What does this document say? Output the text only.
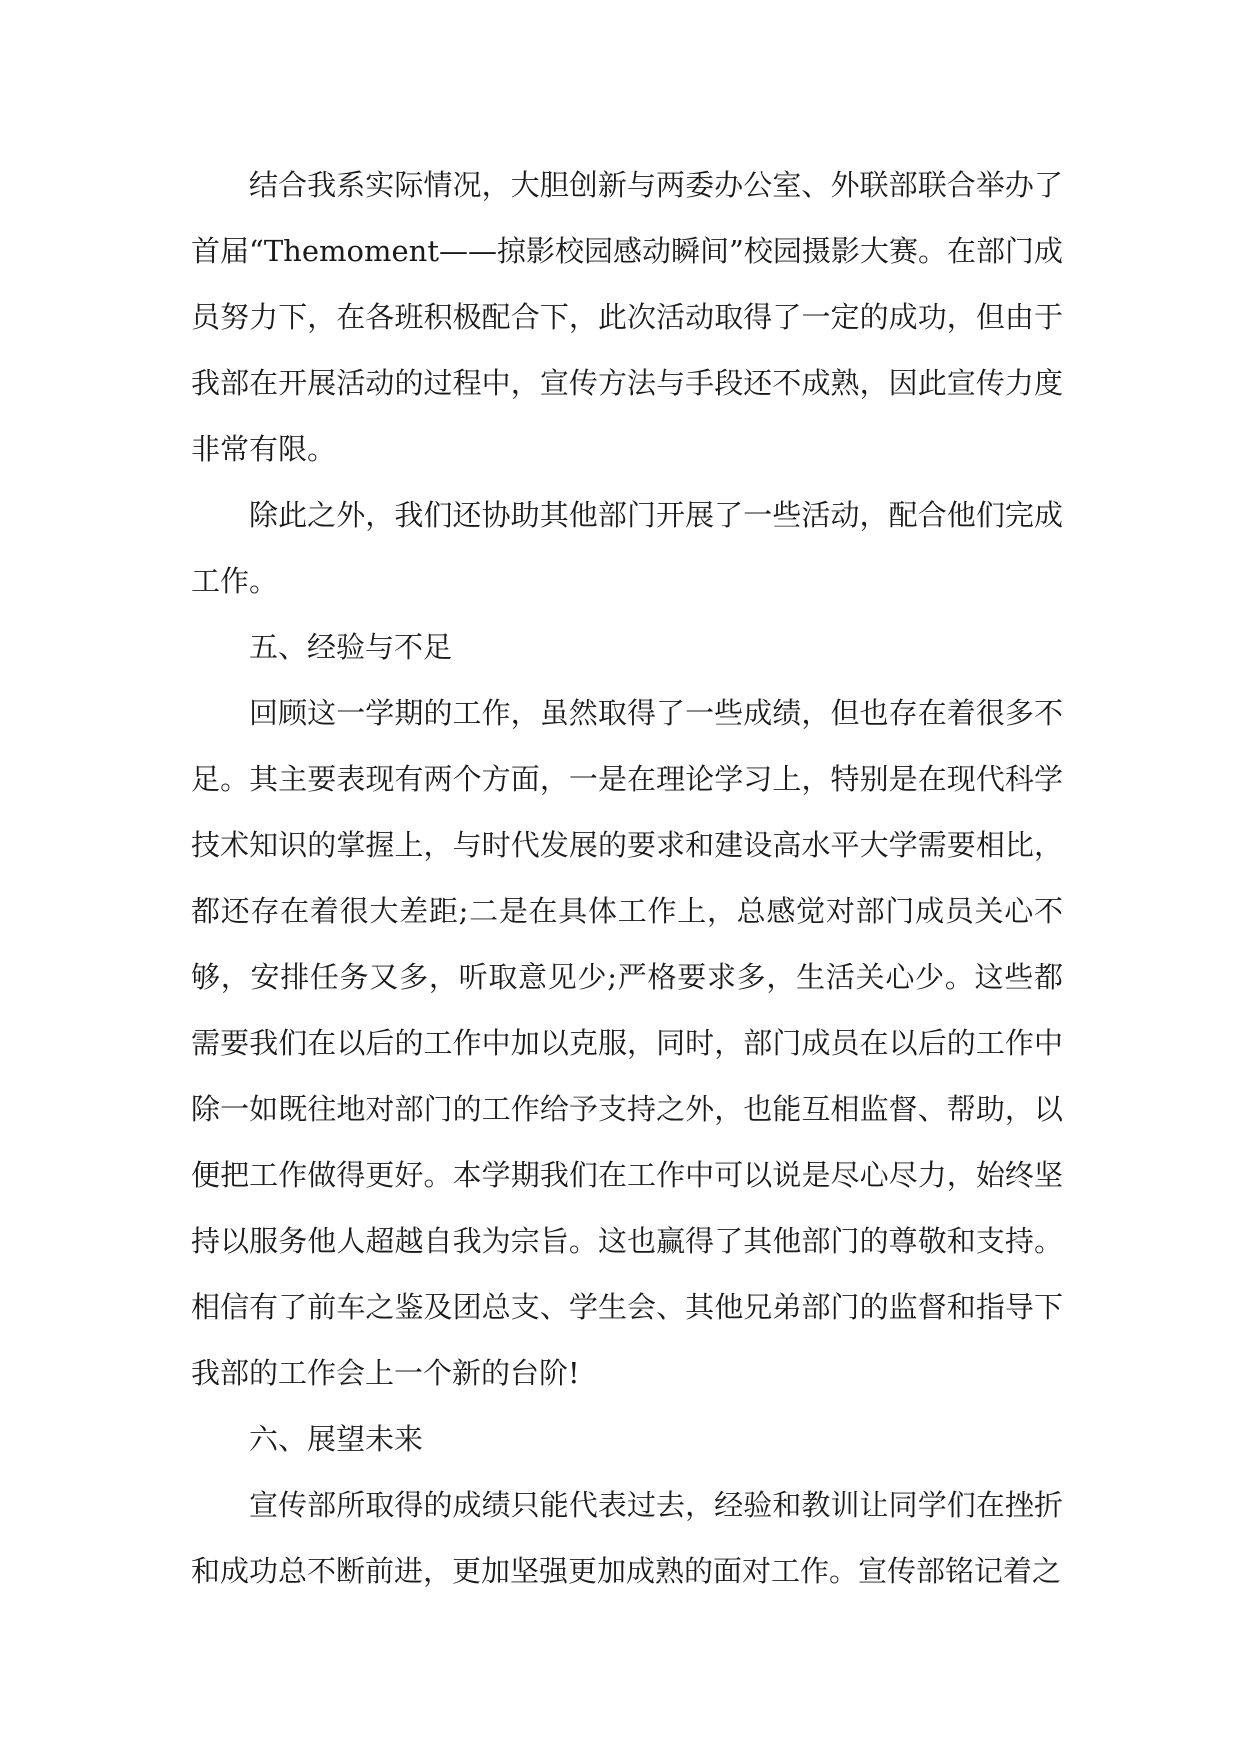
结合我系实际情况，大胆创新与两委办公室、外联部联合举办了首届“Themoment——掠影校园感动瞬间”校园摄影大赛。在部门成员努力下，在各班积极配合下，此次活动取得了一定的成功，但由于我部在开展活动的过程中，宣传方法与手段还不成熟，因此宣传力度非常有限。

除此之外，我们还协助其他部门开展了一些活动，配合他们完成工作。

五、经验与不足

回顾这一学期的工作，虽然取得了一些成绩，但也存在着很多不足。其主要表现有两个方面，一是在理论学习上，特别是在现代科学技术知识的掌握上，与时代发展的要求和建设高水平大学需要相比，都还存在着很大差距;二是在具体工作上，总感觉对部门成员关心不够，安排任务又多，听取意见少;严格要求多，生活关心少。这些都需要我们在以后的工作中加以克服，同时，部门成员在以后的工作中除一如既往地对部门的工作给予支持之外，也能互相监督、帮助，以便把工作做得更好。本学期我们在工作中可以说是尽心尽力，始终坚持以服务他人超越自我为宗旨。这也赢得了其他部门的尊敬和支持。相信有了前车之鉴及团总支、学生会、其他兄弟部门的监督和指导下我部的工作会上一个新的台阶!

六、展望未来

宣传部所取得的成绩只能代表过去，经验和教训让同学们在挫折和成功总不断前进，更加坚强更加成熟的面对工作。宣传部铭记着之
